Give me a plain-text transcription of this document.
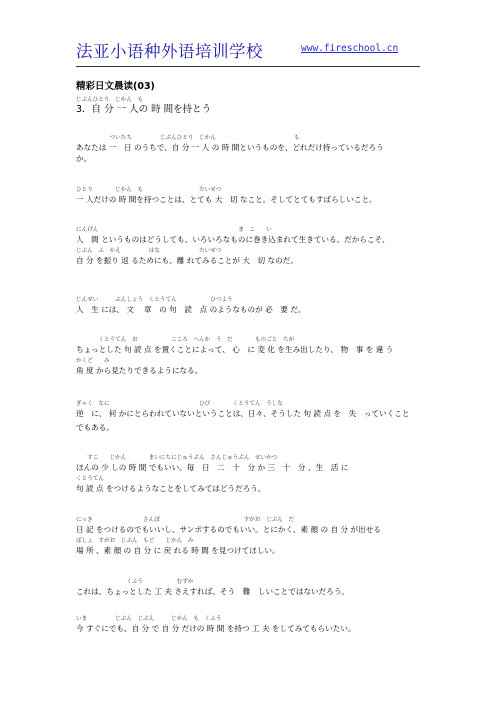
法亚小语种外语培训学校	www.fireschool.cn
精彩日文晨读(03)
じぶんひとり　じかん　も
3．自 分 一 人の 時 間を持とう
　　　　　　ついたち　　　　　じぶんひとり　じかん　　　　　　　　　　　　　　も
あなたは 一　日 のうちで、自 分 一 人 の 時 間というものを、どれだけ持っているだろう
か。
ひとり　　　　じかん　も　　　　　　　　　　たいせつ
一 人だけの 時 間を持つことは、とても 大　切 なこと。そしてとてもすばらしいこと。
にんげん　　　　　　　　　　　　　　　　　　　　　　　　　ま　こ　　い
人　間 というものはどうしても、いろいろなものに巻き込まれて生きている。だからこそ、
じぶん　ふ　かえ　　　　　はな　　　　　　　たいせつ
自 分 を振り 返 るためにも、離 れてみることが 大　切 なのだ。
じんせい　　　ぶんしょう　くとうてん　　　　　　ひつよう
人　生 には、 文　 章　の 句　読　点 のようなものが 必　要 だ。
　　　　くとうてん　お　　　　　　こころ　へんか　う　だ　　　　ものごと　ちが
ちょっとした 句 読 点 を置くことによって、 心　に 変 化 を生み出したり、 物　事 を 違 う
かくど　　み
角 度 から見たりできるようになる。
ぎゃく　なに　　　　　　　　　　　　　　　　ひび　　　　くとうてん　うしな
逆　に、 何 かにとらわれていないということは、日々、そうした 句 読 点 を　失　っていくこと
でもある。
　　すこ　　じかん　　　　まいにちにじゅうぷん　さんじゅうぷん　せいかつ
ほんの 少 しの 時 間 でもいい。毎　日　二　十　分 か 三　十　分 、生　活 に
くとうてん
句 読 点 をつけるようなことをしてみてはどうだろう。
にっき　　　　　　　　　さんぽ　　　　　　　　　　　　　　　すがお　じぶん　だ
日 記 をつけるのでもいいし、サンポするのでもいい。とにかく、素 顔 の 自 分 が出せる
ばしょ　すがお　じぶん　もど　　じかん　み
場 所 、素 顔 の 自 分 に 戻 れる 時 間 を見つけてほしい。
　　　　　　　　　くふう　　　　　　むずか
これは、ちょっとした 工 夫 さえすれば、そう　難　しいことではないだろう。
いま　　　　　じぶん　じぶん　　　じかん　も　くふう
今 すぐにでも、自 分 で 自 分 だけの 時 間 を持つ 工 夫 をしてみてもらいたい。
